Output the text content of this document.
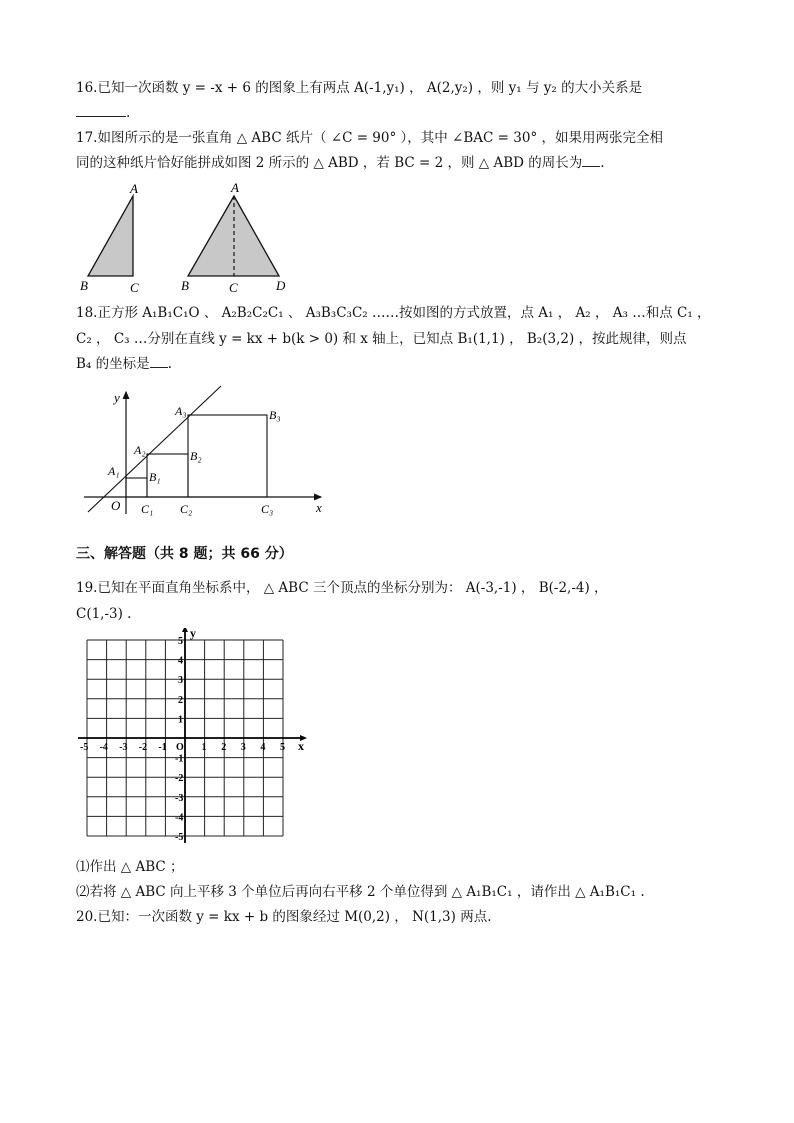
16.已知一次函数 y = -x + 6 的图象上有两点 A(-1,y₁) ， A(2,y₂) ，则 y₁ 与 y₂ 的大小关系是
.
17.如图所示的是一张直角 △ ABC 纸片（ ∠C = 90° ），其中 ∠BAC = 30° ，如果用两张完全相
同的这种纸片恰好能拼成如图 2 所示的 △ ABD ，若 BC = 2 ，则 △ ABD 的周长为 .
A
B	C
A
B	C	D
18.正方形 A₁B₁C₁O 、 A₂B₂C₂C₁ 、 A₃B₃C₃C₂ ……按如图的方式放置，点 A₁ ， A₂ ， A₃ …和点 C₁ ，
C₂ ， C₃ …分别在直线 y = kx + b(k > 0) 和 x 轴上，已知点 B₁(1,1) ， B₂(3,2) ，按此规律，则点
B₄ 的坐标是 .
y
x
O
A₁
A₂
A₃
B₁
B₂
B₃
C₁ C₂	C₃
三、解答题（共 8 题；共 66 分）
19.已知在平面直角坐标系中， △ ABC 三个顶点的坐标分别为： A(-3,-1) ， B(-2,-4) ，
C(1,-3) .
-5 -4 -3 -2 -1	1 2 3 4 5
5
4
3
2
1
-1
-2
-3
-4
-5
y
x
O
⑴作出 △ ABC ；
⑵若将 △ ABC 向上平移 3 个单位后再向右平移 2 个单位得到 △ A₁B₁C₁ ，请作出 △ A₁B₁C₁ .
20.已知：一次函数 y = kx + b 的图象经过 M(0,2) ， N(1,3) 两点.
